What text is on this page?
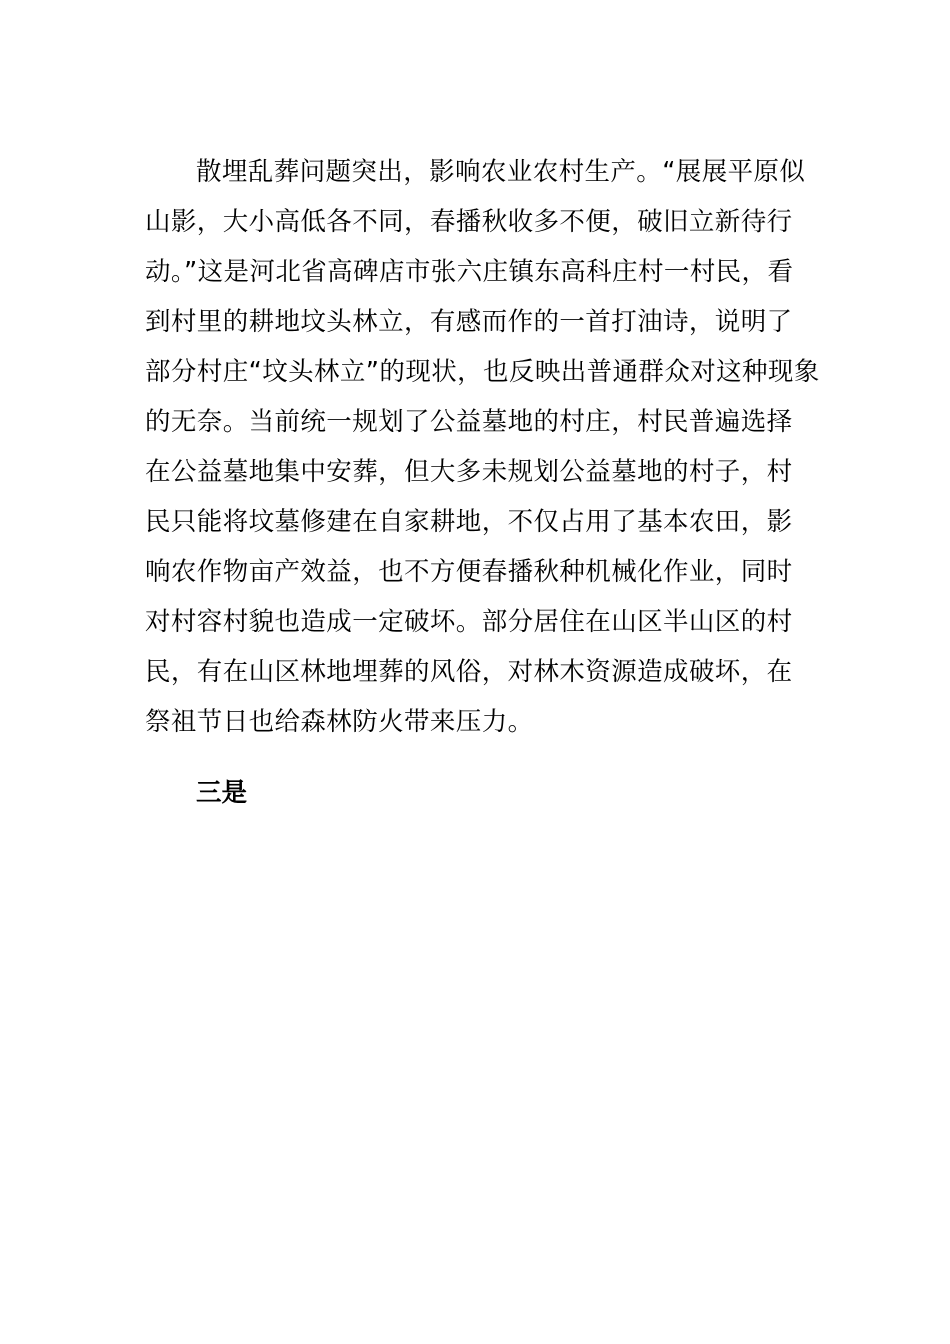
散埋乱葬问题突出，影响农业农村生产。“展展平原似
山影，大小高低各不同，春播秋收多不便，破旧立新待行
动。”这是河北省高碑店市张六庄镇东高科庄村一村民，看
到村里的耕地坟头林立，有感而作的一首打油诗，说明了
部分村庄“坟头林立”的现状，也反映出普通群众对这种现象
的无奈。当前统一规划了公益墓地的村庄，村民普遍选择
在公益墓地集中安葬，但大多未规划公益墓地的村子，村
民只能将坟墓修建在自家耕地，不仅占用了基本农田，影
响农作物亩产效益，也不方便春播秋种机械化作业，同时
对村容村貌也造成一定破坏。部分居住在山区半山区的村
民，有在山区林地埋葬的风俗，对林木资源造成破坏，在
祭祖节日也给森林防火带来压力。
三是
